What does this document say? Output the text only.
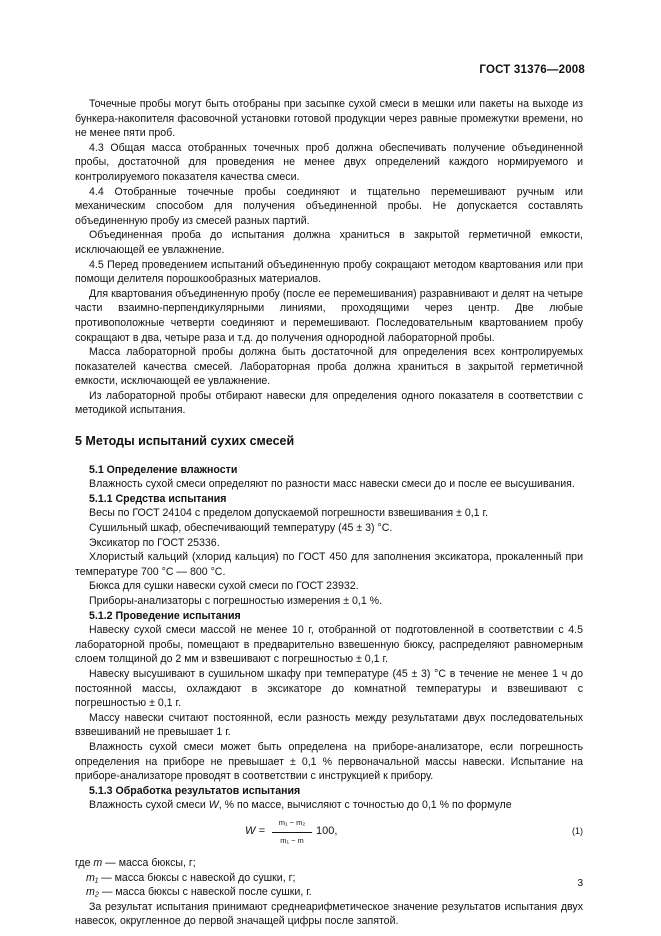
ГОСТ 31376—2008

Точечные пробы могут быть отобраны при засыпке сухой смеси в мешки или пакеты на выходе из бункера-накопителя фасовочной установки готовой продукции через равные промежутки времени, но не менее пяти проб.

4.3 Общая масса отобранных точечных проб должна обеспечивать получение объединенной пробы, достаточной для проведения не менее двух определений каждого нормируемого и контролируемого показателя качества смеси.

4.4 Отобранные точечные пробы соединяют и тщательно перемешивают ручным или механическим способом для получения объединенной пробы. Не допускается составлять объединенную пробу из смесей разных партий.

Объединенная проба до испытания должна храниться в закрытой герметичной емкости, исключающей ее увлажнение.

4.5 Перед проведением испытаний объединенную пробу сокращают методом квартования или при помощи делителя порошкообразных материалов.

Для квартования объединенную пробу (после ее перемешивания) разравнивают и делят на четыре части взаимно-перпендикулярными линиями, проходящими через центр. Две любые противоположные четверти соединяют и перемешивают. Последовательным квартованием пробу сокращают в два, четыре раза и т.д. до получения однородной лабораторной пробы.

Масса лабораторной пробы должна быть достаточной для определения всех контролируемых показателей качества смесей. Лабораторная проба должна храниться в закрытой герметичной емкости, исключающей ее увлажнение.

Из лабораторной пробы отбирают навески для определения одного показателя в соответствии с методикой испытания.

5 Методы испытаний сухих смесей
5.1 Определение влажности

Влажность сухой смеси определяют по разности масс навески смеси до и после ее высушивания.

5.1.1 Средства испытания

Весы по ГОСТ 24104 с пределом допускаемой погрешности взвешивания ± 0,1 г.

Сушильный шкаф, обеспечивающий температуру (45 ± 3) °С.

Эксикатор по ГОСТ 25336.

Хлористый кальций (хлорид кальция) по ГОСТ 450 для заполнения эксикатора, прокаленный при температуре 700 °С — 800 °С.

Бюкса для сушки навески сухой смеси по ГОСТ 23932.

Приборы-анализаторы с погрешностью измерения ± 0,1 %.

5.1.2 Проведение испытания

Навеску сухой смеси массой не менее 10 г, отобранной от подготовленной в соответствии с 4.5 лабораторной пробы, помещают в предварительно взвешенную бюксу, распределяют равномерным слоем толщиной до 2 мм и взвешивают с погрешностью ± 0,1 г.

Навеску высушивают в сушильном шкафу при температуре (45 ± 3) °С в течение не менее 1 ч до постоянной массы, охлаждают в эксикаторе до комнатной температуры и взвешивают с погрешностью ± 0,1 г.

Массу навески считают постоянной, если разность между результатами двух последовательных взвешиваний не превышает 1 г.

Влажность сухой смеси может быть определена на приборе-анализаторе, если погрешность определения на приборе не превышает ± 0,1 % первоначальной массы навески. Испытание на приборе-анализаторе проводят в соответствии с инструкцией к прибору.

5.1.3 Обработка результатов испытания

Влажность сухой смеси W, % по массе, вычисляют с точностью до 0,1 % по формуле

$W = \frac{\text{m₁ − m₂}}{\text{m₁ − m}} 100$,	(1)

где m — масса бюксы, г;

m₁ — масса бюксы с навеской до сушки, г;

m₂ — масса бюксы с навеской после сушки, г.

За результат испытания принимают среднеарифметическое значение результатов испытания двух навесок, округленное до первой значащей цифры после запятой.

3
